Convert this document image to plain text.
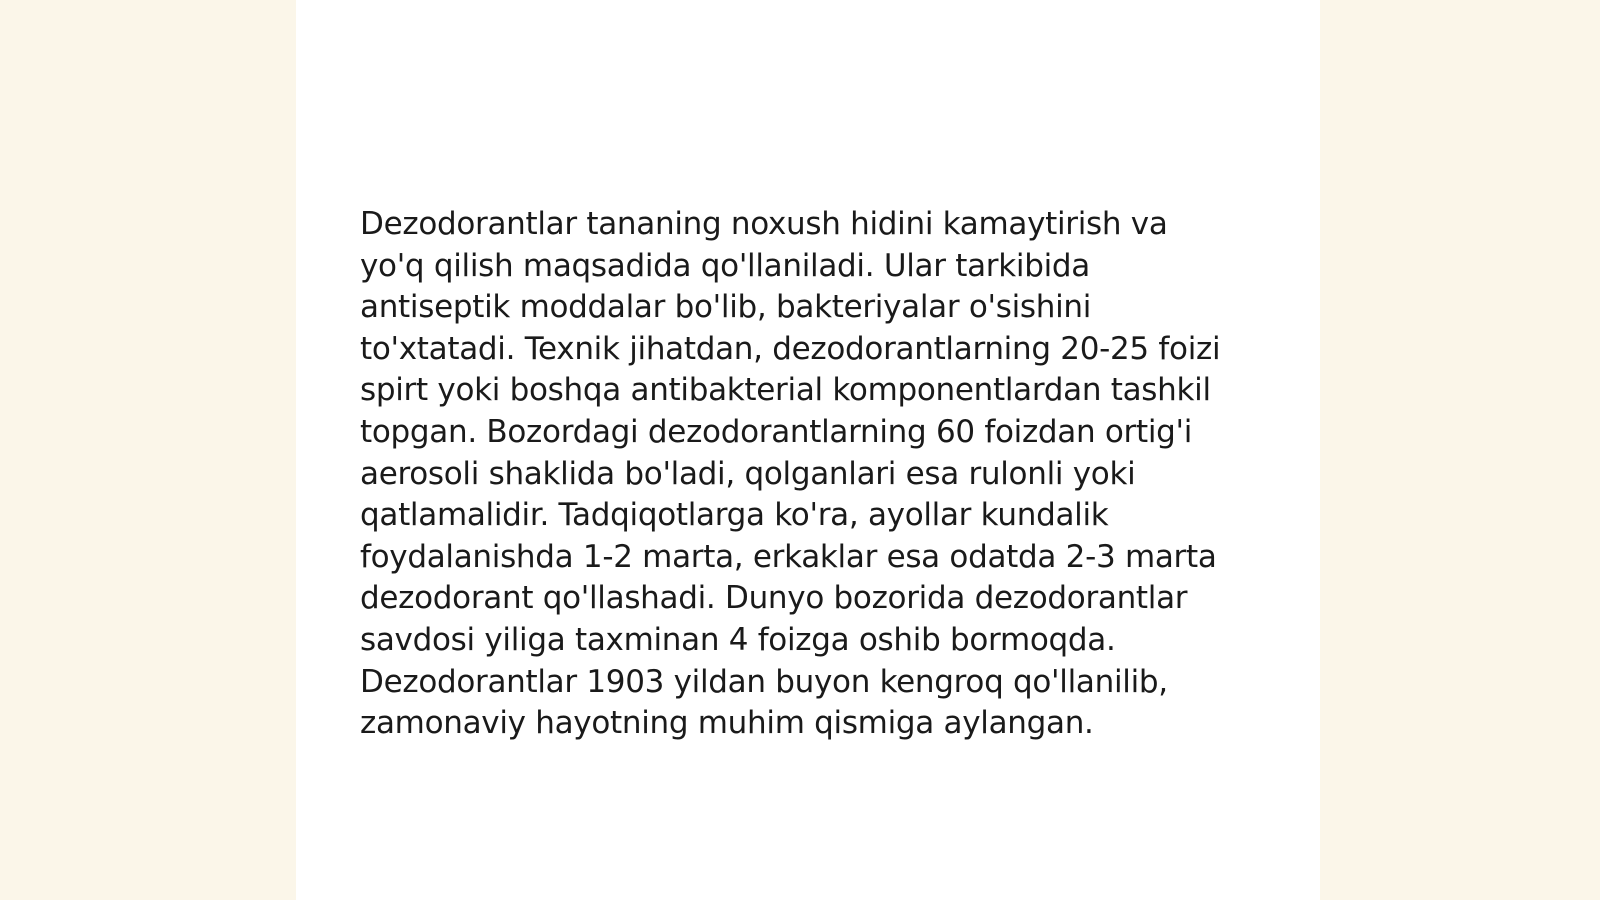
Dezodorantlar tananing noxush hidini kamaytirish va yo'q qilish maqsadida qo'llaniladi. Ular tarkibida antiseptik moddalar bo'lib, bakteriyalar o'sishini to'xtatadi. Texnik jihatdan, dezodorantlarning 20-25 foizi spirt yoki boshqa antibakterial komponentlardan tashkil topgan. Bozordagi dezodorantlarning 60 foizdan ortig'i aerosoli shaklida bo'ladi, qolganlari esa rulonli yoki qatlamalidir. Tadqiqotlarga ko'ra, ayollar kundalik foydalanishda 1-2 marta, erkaklar esa odatda 2-3 marta dezodorant qo'llashadi. Dunyo bozorida dezodorantlar savdosi yiliga taxminan 4 foizga oshib bormoqda. Dezodorantlar 1903 yildan buyon kengroq qo'llanilib, zamonaviy hayotning muhim qismiga aylangan.
